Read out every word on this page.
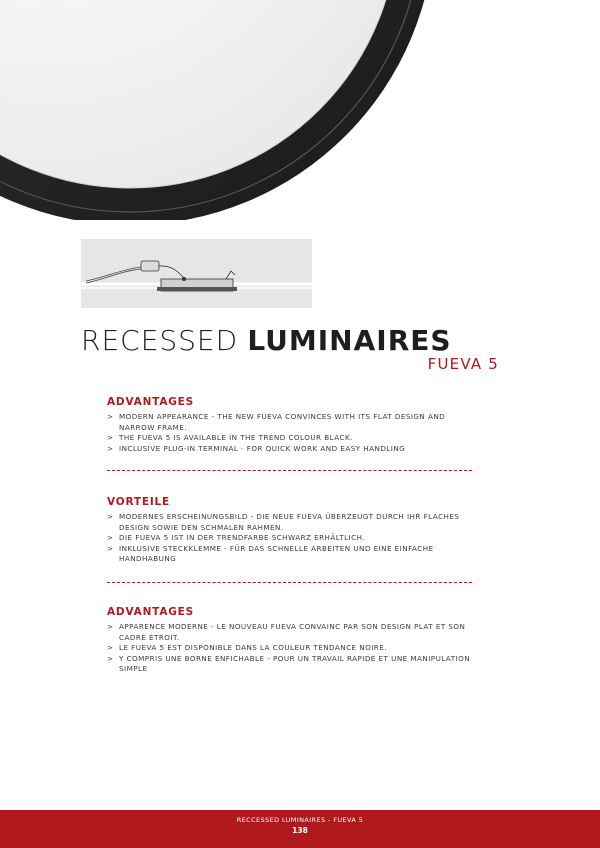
RECESSED LUMINAIRES
FUEVA 5
ADVANTAGES
> MODERN APPEARANCE - THE NEW FUEVA CONVINCES WITH ITS FLAT DESIGN AND NARROW FRAME.
> THE FUEVA 5 IS AVAILABLE IN THE TREND COLOUR BLACK.
> INCLUSIVE PLUG-IN TERMINAL - FOR QUICK WORK AND EASY HANDLING
VORTEILE
> MODERNES ERSCHEINUNGSBILD - DIE NEUE FUEVA ÜBERZEUGT DURCH IHR FLACHES DESIGN SOWIE DEN SCHMALEN RAHMEN.
> DIE FUEVA 5 IST IN DER TRENDFARBE SCHWARZ ERHÄLTLICH.
> INKLUSIVE STECKKLEMME - FÜR DAS SCHNELLE ARBEITEN UND EINE EINFACHE HANDHABUNG
ADVANTAGES
> APPARENCE MODERNE - LE NOUVEAU FUEVA CONVAINC PAR SON DESIGN PLAT ET SON CADRE ÉTROIT.
> LE FUEVA 5 EST DISPONIBLE DANS LA COULEUR TENDANCE NOIRE.
> Y COMPRIS UNE BORNE ENFICHABLE - POUR UN TRAVAIL RAPIDE ET UNE MANIPULATION SIMPLE
RECCESSED LUMINAIRES - FUEVA 5
138
